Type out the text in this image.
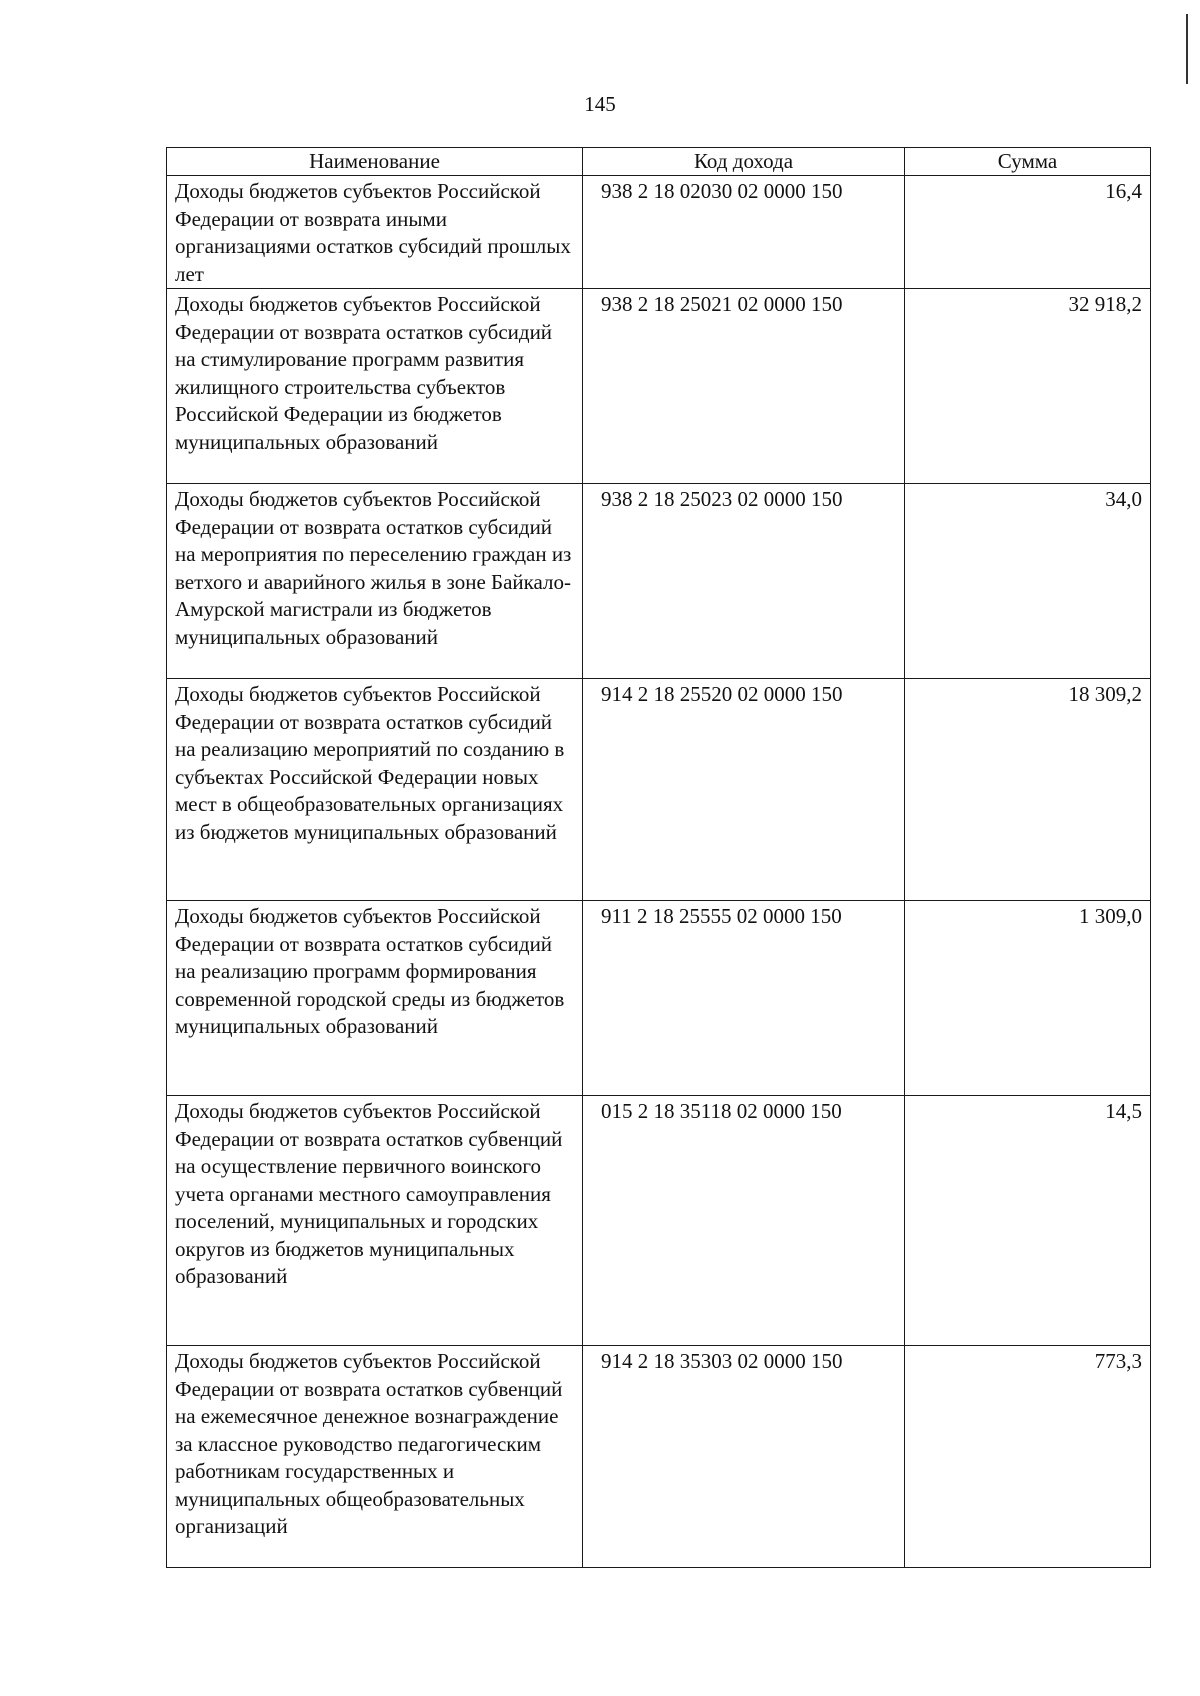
145
Наименование	Код дохода	Сумма
Доходы бюджетов субъектов Российской Федерации от возврата иными организациями остатков субсидий прошлых лет	938 2 18 02030 02 0000 150	16,4
Доходы бюджетов субъектов Российской Федерации от возврата остатков субсидий на стимулирование программ развития жилищного строительства субъектов Российской Федерации из бюджетов муниципальных образований	938 2 18 25021 02 0000 150	32 918,2
Доходы бюджетов субъектов Российской Федерации от возврата остатков субсидий на мероприятия по переселению граждан из ветхого и аварийного жилья в зоне Байкало-Амурской магистрали из бюджетов муниципальных образований	938 2 18 25023 02 0000 150	34,0
Доходы бюджетов субъектов Российской Федерации от возврата остатков субсидий на реализацию мероприятий по созданию в субъектах Российской Федерации новых мест в общеобразовательных организациях из бюджетов муниципальных образований	914 2 18 25520 02 0000 150	18 309,2
Доходы бюджетов субъектов Российской Федерации от возврата остатков субсидий на реализацию программ формирования современной городской среды из бюджетов муниципальных образований	911 2 18 25555 02 0000 150	1 309,0
Доходы бюджетов субъектов Российской Федерации от возврата остатков субвенций на осуществление первичного воинского учета органами местного самоуправления поселений, муниципальных и городских округов из бюджетов муниципальных образований	015 2 18 35118 02 0000 150	14,5
Доходы бюджетов субъектов Российской Федерации от возврата остатков субвенций на ежемесячное денежное вознаграждение за классное руководство педагогическим работникам государственных и муниципальных общеобразовательных организаций	914 2 18 35303 02 0000 150	773,3
